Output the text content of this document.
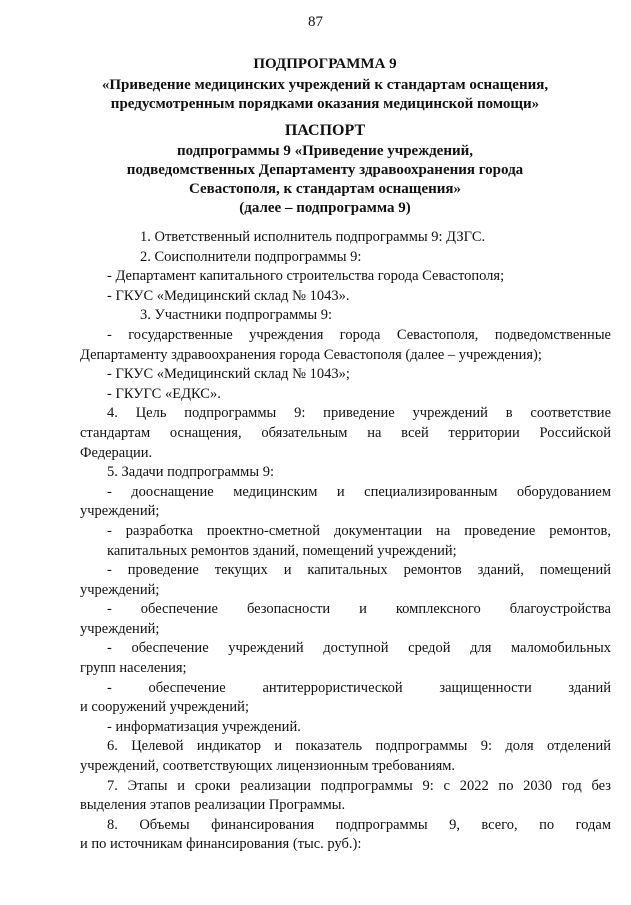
87
ПОДПРОГРАММА 9
«Приведение медицинских учреждений к стандартам оснащения,
предусмотренным порядками оказания медицинской помощи»
ПАСПОРТ
подпрограммы 9 «Приведение учреждений,
подведомственных Департаменту здравоохранения города
Севастополя, к стандартам оснащения»
(далее – подпрограмма 9)
1. Ответственный исполнитель подпрограммы 9: ДЗГС.
2. Соисполнители подпрограммы 9:
- Департамент капитального строительства города Севастополя;
- ГКУС «Медицинский склад № 1043».
3. Участники подпрограммы 9:
- государственные учреждения города Севастополя, подведомственные
Департаменту здравоохранения города Севастополя (далее – учреждения);
- ГКУС «Медицинский склад № 1043»;
- ГКУГС «ЕДКС».
4. Цель подпрограммы 9: приведение учреждений в соответствие
стандартам оснащения, обязательным на всей территории Российской
Федерации.
5. Задачи подпрограммы 9:
- дооснащение медицинским и специализированным оборудованием
учреждений;
- разработка проектно-сметной документации на проведение ремонтов,
капитальных ремонтов зданий, помещений учреждений;
- проведение текущих и капитальных ремонтов зданий, помещений
учреждений;
- обеспечение безопасности и комплексного благоустройства
учреждений;
- обеспечение учреждений доступной средой для маломобильных
групп населения;
- обеспечение антитеррористической защищенности зданий
и сооружений учреждений;
- информатизация учреждений.
6. Целевой индикатор и показатель подпрограммы 9: доля отделений
учреждений, соответствующих лицензионным требованиям.
7. Этапы и сроки реализации подпрограммы 9: с 2022 по 2030 год без
выделения этапов реализации Программы.
8. Объемы финансирования подпрограммы 9, всего, по годам
и по источникам финансирования (тыс. руб.):
